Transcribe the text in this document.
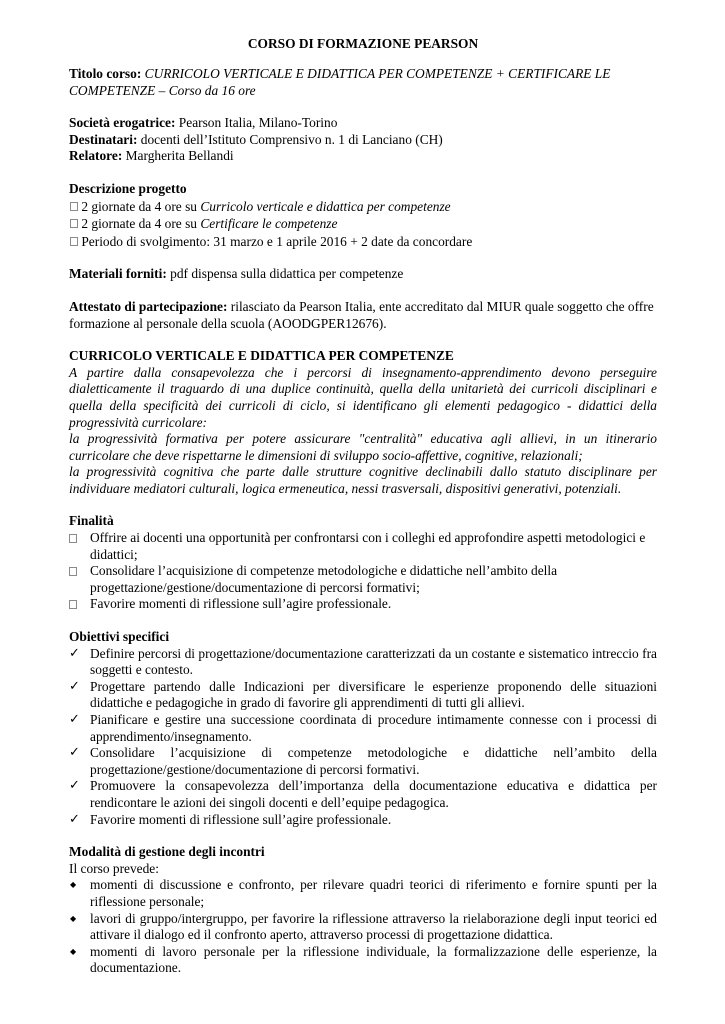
CORSO DI FORMAZIONE PEARSON

Titolo corso: CURRICOLO VERTICALE E DIDATTICA PER COMPETENZE + CERTIFICARE LE COMPETENZE – Corso da 16 ore

Società erogatrice: Pearson Italia, Milano-Torino

Destinatari: docenti dell’Istituto Comprensivo n. 1 di Lanciano (CH)

Relatore: Margherita Bellandi

Descrizione progetto

2 giornate da 4 ore su Curricolo verticale e didattica per competenze

2 giornate da 4 ore su Certificare le competenze

Periodo di svolgimento: 31 marzo e 1 aprile 2016 + 2 date da concordare

Materiali forniti: pdf dispensa sulla didattica per competenze

Attestato di partecipazione: rilasciato da Pearson Italia, ente accreditato dal MIUR quale soggetto che offre formazione al personale della scuola (AOODGPER12676).

CURRICOLO VERTICALE E DIDATTICA PER COMPETENZE

A partire dalla consapevolezza che i percorsi di insegnamento-apprendimento devono perseguire dialetticamente il traguardo di una duplice continuità, quella della unitarietà dei curricoli disciplinari e quella della specificità dei curricoli di ciclo, si identificano gli elementi pedagogico - didattici della progressività curricolare:

la progressività formativa per potere assicurare "centralità" educativa agli allievi, in un itinerario curricolare che deve rispettarne le dimensioni di sviluppo socio-affettive, cognitive, relazionali;

la progressività cognitiva che parte dalle strutture cognitive declinabili dallo statuto disciplinare per individuare mediatori culturali, logica ermeneutica, nessi trasversali, dispositivi generativi, potenziali.

Finalità

Offrire ai docenti una opportunità per confrontarsi con i colleghi ed approfondire aspetti metodologici e didattici;
Consolidare l’acquisizione di competenze metodologiche e didattiche nell’ambito della progettazione/gestione/documentazione di percorsi formativi;
Favorire momenti di riflessione sull’agire professionale.

Obiettivi specifici

✓ Definire percorsi di progettazione/documentazione caratterizzati da un costante e sistematico intreccio fra soggetti e contesto.
✓ Progettare partendo dalle Indicazioni per diversificare le esperienze proponendo delle situazioni didattiche e pedagogiche in grado di favorire gli apprendimenti di tutti gli allievi.
✓ Pianificare e gestire una successione coordinata di procedure intimamente connesse con i processi di apprendimento/insegnamento.
✓ Consolidare l’acquisizione di competenze metodologiche e didattiche nell’ambito della progettazione/gestione/documentazione di percorsi formativi.
✓ Promuovere la consapevolezza dell’importanza della documentazione educativa e didattica per rendicontare le azioni dei singoli docenti e dell’equipe pedagogica.
✓ Favorire momenti di riflessione sull’agire professionale.

Modalità di gestione degli incontri

Il corso prevede:

◆	momenti di discussione e confronto, per rilevare quadri teorici di riferimento e fornire spunti per la riflessione personale;
◆	lavori di gruppo/intergruppo, per favorire la riflessione attraverso la rielaborazione degli input teorici ed attivare il dialogo ed il confronto aperto, attraverso processi di progettazione didattica.
◆	momenti di lavoro personale per la riflessione individuale, la formalizzazione delle esperienze, la documentazione.
